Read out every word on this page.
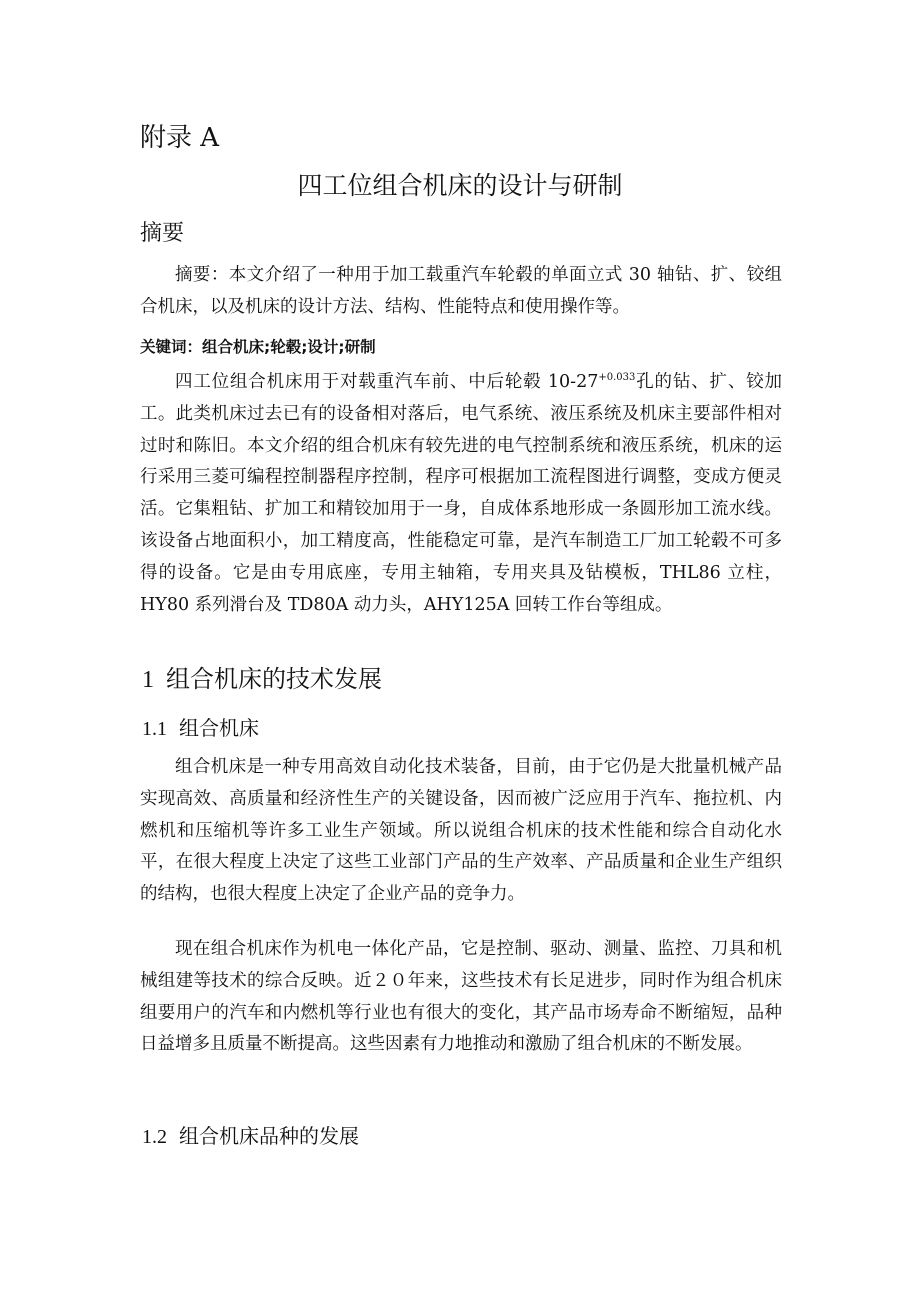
附录 A
四工位组合机床的设计与研制
摘要

摘要：本文介绍了一种用于加工载重汽车轮毂的单面立式 30 轴钻、扩、铰组合机床，以及机床的设计方法、结构、性能特点和使用操作等。

关键词：组合机床;轮毂;设计;研制

四工位组合机床用于对载重汽车前、中后轮毂 $10-27^{+0.033}$孔的钻、扩、铰加工。此类机床过去已有的设备相对落后，电气系统、液压系统及机床主要部件相对过时和陈旧。本文介绍的组合机床有较先进的电气控制系统和液压系统，机床的运行采用三菱可编程控制器程序控制，程序可根据加工流程图进行调整，变成方便灵活。它集粗钻、扩加工和精铰加用于一身，自成体系地形成一条圆形加工流水线。该设备占地面积小，加工精度高，性能稳定可靠，是汽车制造工厂加工轮毂不可多得的设备。它是由专用底座，专用主轴箱，专用夹具及钻模板，THL86 立柱，HY80 系列滑台及 TD80A 动力头，AHY125A 回转工作台等组成。

1 组合机床的技术发展
1.1 组合机床

组合机床是一种专用高效自动化技术装备，目前，由于它仍是大批量机械产品实现高效、高质量和经济性生产的关键设备，因而被广泛应用于汽车、拖拉机、内燃机和压缩机等许多工业生产领域。所以说组合机床的技术性能和综合自动化水平，在很大程度上决定了这些工业部门产品的生产效率、产品质量和企业生产组织的结构，也很大程度上决定了企业产品的竞争力。

现在组合机床作为机电一体化产品，它是控制、驱动、测量、监控、刀具和机械组建等技术的综合反映。近２０年来，这些技术有长足进步，同时作为组合机床组要用户的汽车和内燃机等行业也有很大的变化，其产品市场寿命不断缩短，品种日益增多且质量不断提高。这些因素有力地推动和激励了组合机床的不断发展。

1.2 组合机床品种的发展
